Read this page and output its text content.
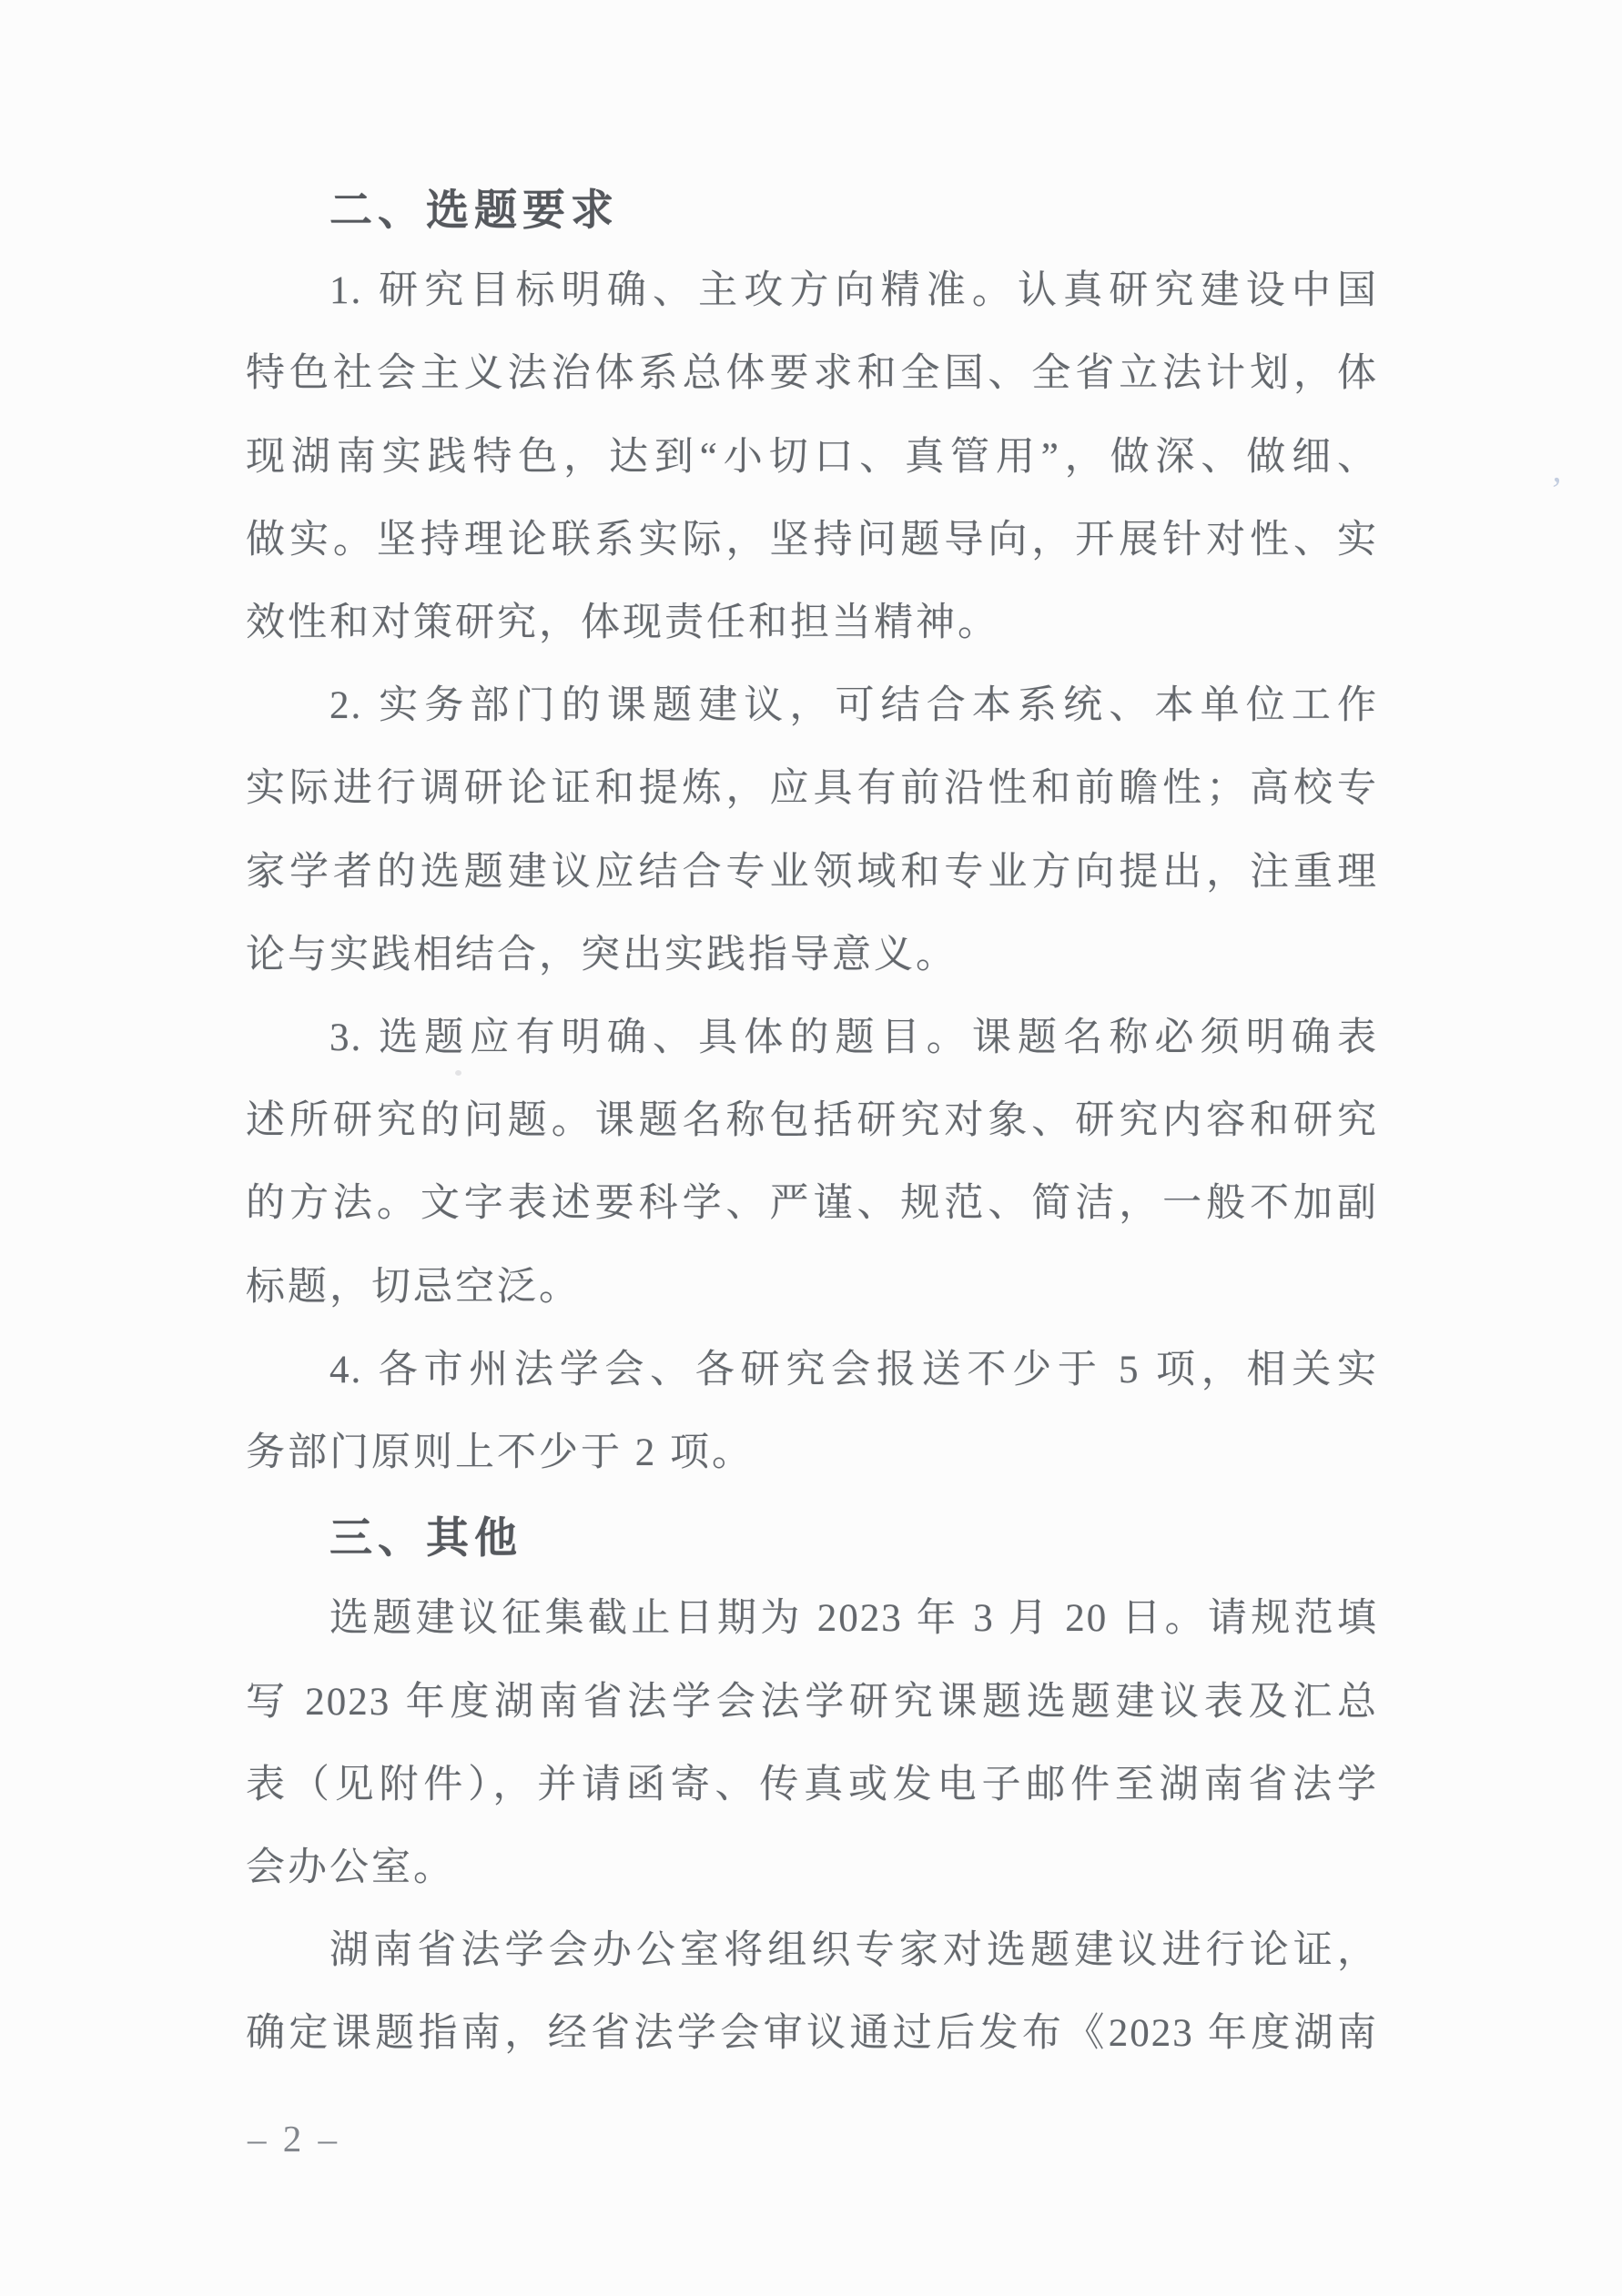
二、选题要求
1. 研究目标明确、主攻方向精准。认真研究建设中国
特色社会主义法治体系总体要求和全国、全省立法计划，体
现湖南实践特色，达到“小切口、真管用”，做深、做细、
做实。坚持理论联系实际，坚持问题导向，开展针对性、实
效性和对策研究，体现责任和担当精神。
2. 实务部门的课题建议，可结合本系统、本单位工作
实际进行调研论证和提炼，应具有前沿性和前瞻性；高校专
家学者的选题建议应结合专业领域和专业方向提出，注重理
论与实践相结合，突出实践指导意义。
3. 选题应有明确、具体的题目。课题名称必须明确表
述所研究的问题。课题名称包括研究对象、研究内容和研究
的方法。文字表述要科学、严谨、规范、简洁，一般不加副
标题，切忌空泛。
4. 各市州法学会、各研究会报送不少于 5 项，相关实
务部门原则上不少于 2 项。
三、其他
选题建议征集截止日期为 2023 年 3 月 20 日。请规范填
写 2023 年度湖南省法学会法学研究课题选题建议表及汇总
表（见附件），并请函寄、传真或发电子邮件至湖南省法学
会办公室。
湖南省法学会办公室将组织专家对选题建议进行论证，
确定课题指南，经省法学会审议通过后发布《2023 年度湖南
– 2 –
,
